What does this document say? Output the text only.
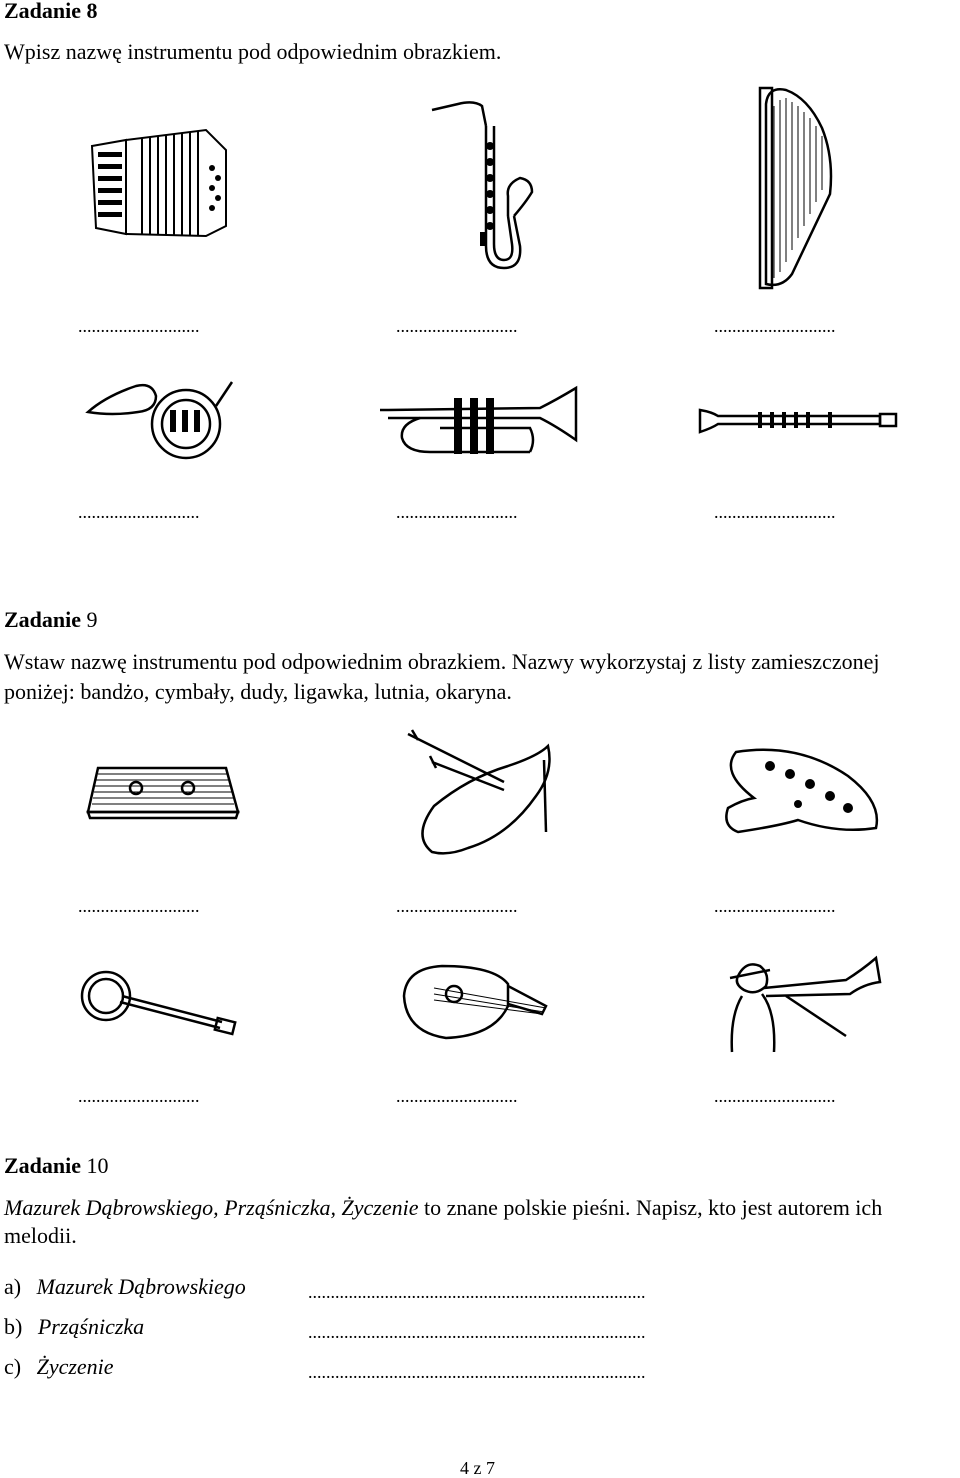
Zadanie 8
Wpisz nazwę instrumentu pod odpowiednim obrazkiem.
...........................	...........................	...........................
...........................	...........................	...........................
Zadanie 9
Wstaw nazwę instrumentu pod odpowiednim obrazkiem. Nazwy wykorzystaj z listy zamieszczonej
poniżej: bandżo, cymbały, dudy, ligawka, lutnia, okaryna.
...........................	...........................	...........................
...........................	...........................	...........................
Zadanie 10
Mazurek Dąbrowskiego, Prząśniczka, Życzenie to znane polskie pieśni. Napisz, kto jest autorem ich
melodii.
a) Mazurek Dąbrowskiego	...........................................................................
b) Prząśniczka	...........................................................................
c) Życzenie	...........................................................................
4 z 7
